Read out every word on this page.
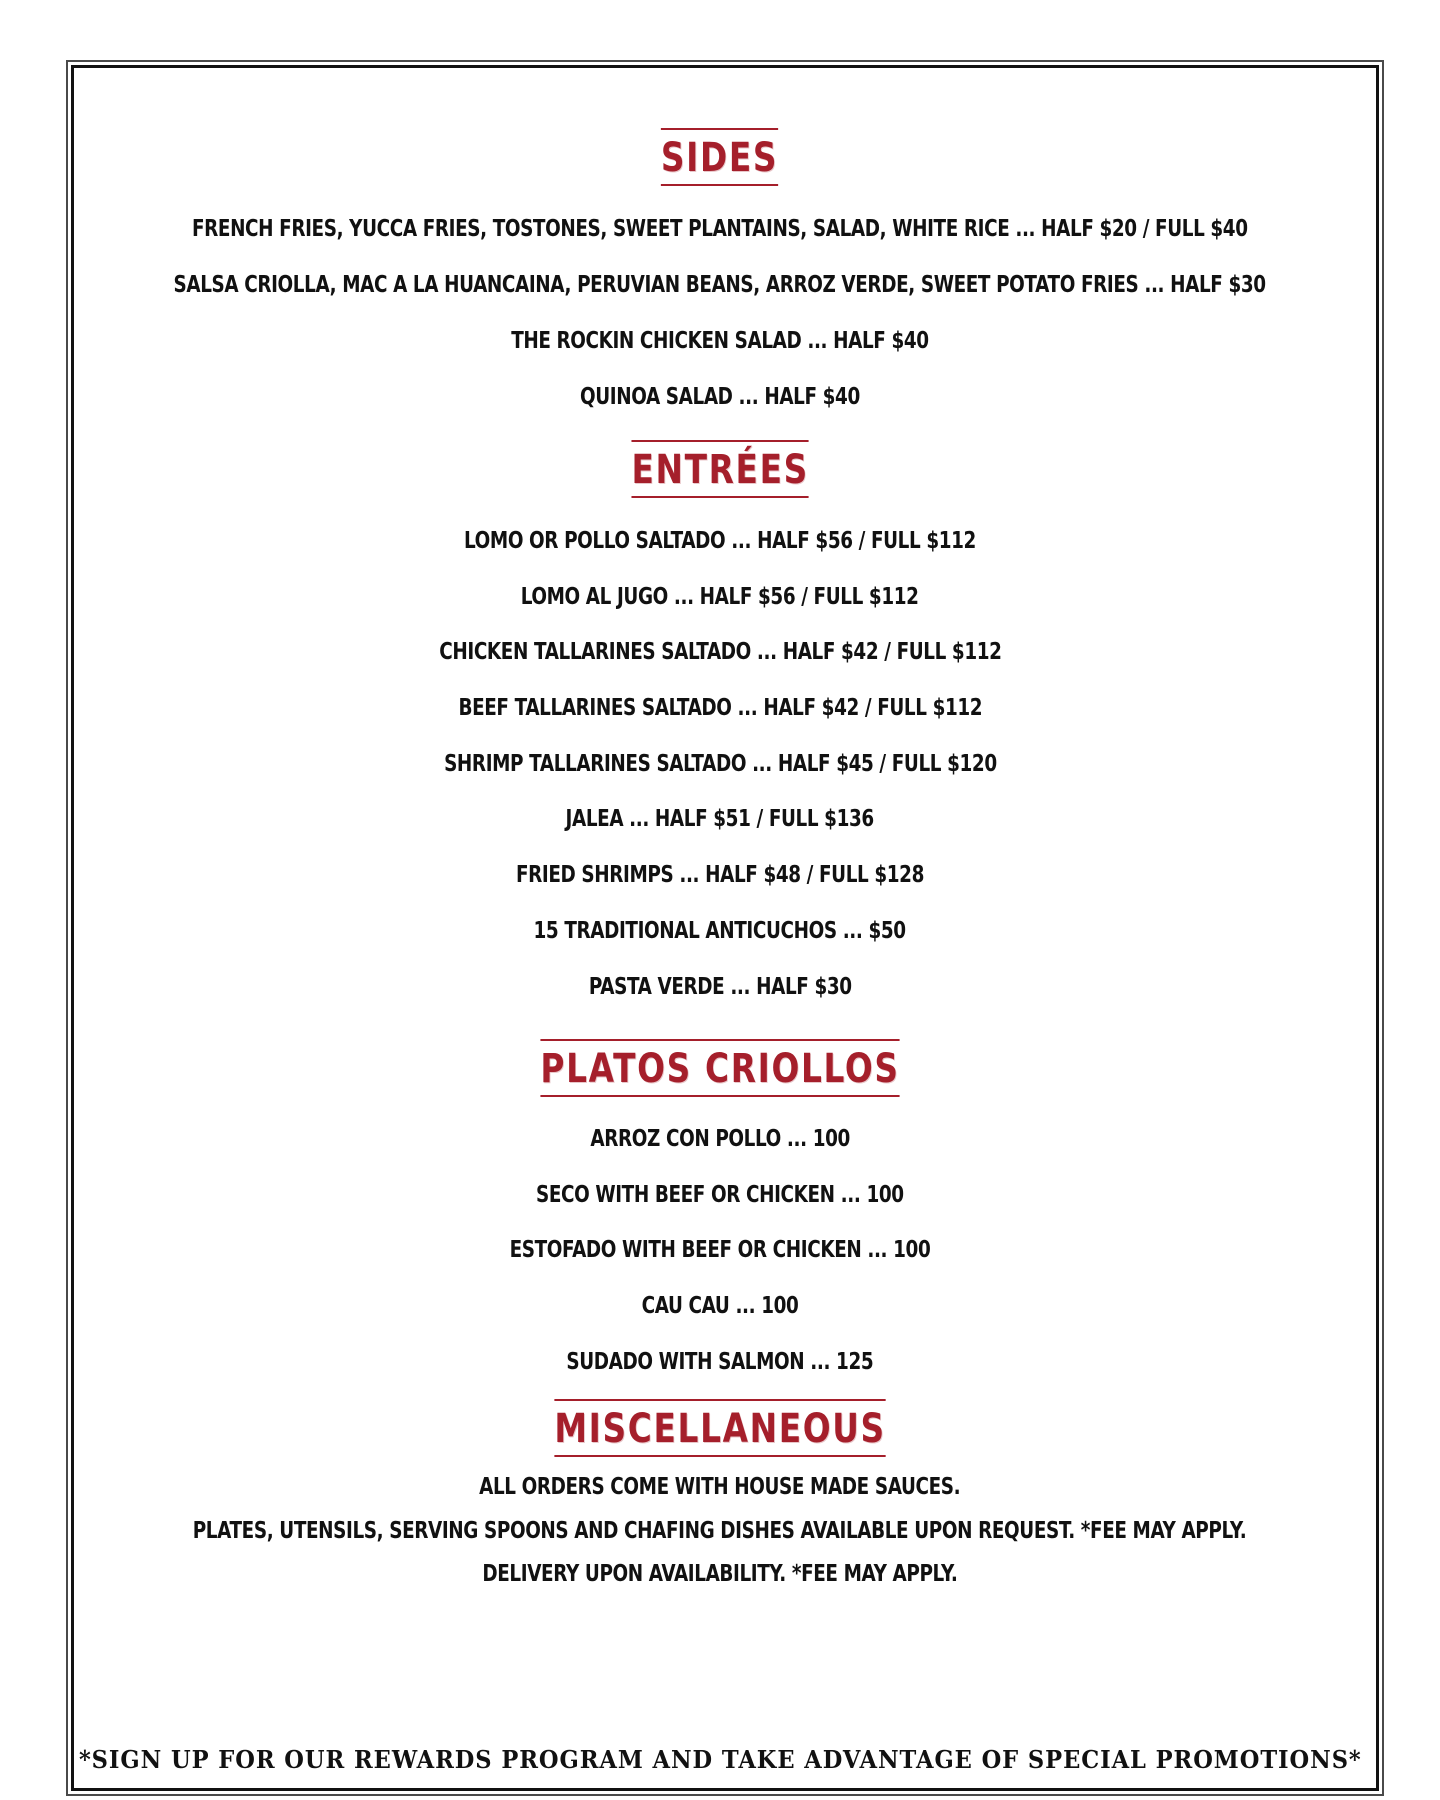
SIDES
FRENCH FRIES, YUCCA FRIES, TOSTONES, SWEET PLANTAINS, SALAD, WHITE RICE ... HALF $20 / FULL $40
SALSA CRIOLLA, MAC A LA HUANCAINA, PERUVIAN BEANS, ARROZ VERDE, SWEET POTATO FRIES ... HALF $30
THE ROCKIN CHICKEN SALAD ... HALF $40
QUINOA SALAD ... HALF $40
ENTRÉES
LOMO OR POLLO SALTADO ... HALF $56 / FULL $112
LOMO AL JUGO ... HALF $56 / FULL $112
CHICKEN TALLARINES SALTADO ... HALF $42 / FULL $112
BEEF TALLARINES SALTADO ... HALF $42 / FULL $112
SHRIMP TALLARINES SALTADO ... HALF $45 / FULL $120
JALEA ... HALF $51 / FULL $136
FRIED SHRIMPS ... HALF $48 / FULL $128
15 TRADITIONAL ANTICUCHOS ... $50
PASTA VERDE ... HALF $30
PLATOS CRIOLLOS
ARROZ CON POLLO ... 100
SECO WITH BEEF OR CHICKEN ... 100
ESTOFADO WITH BEEF OR CHICKEN ... 100
CAU CAU ... 100
SUDADO WITH SALMON ... 125
MISCELLANEOUS
ALL ORDERS COME WITH HOUSE MADE SAUCES.
PLATES, UTENSILS, SERVING SPOONS AND CHAFING DISHES AVAILABLE UPON REQUEST. *FEE MAY APPLY.
DELIVERY UPON AVAILABILITY. *FEE MAY APPLY.
*SIGN UP FOR OUR REWARDS PROGRAM AND TAKE ADVANTAGE OF SPECIAL PROMOTIONS*
